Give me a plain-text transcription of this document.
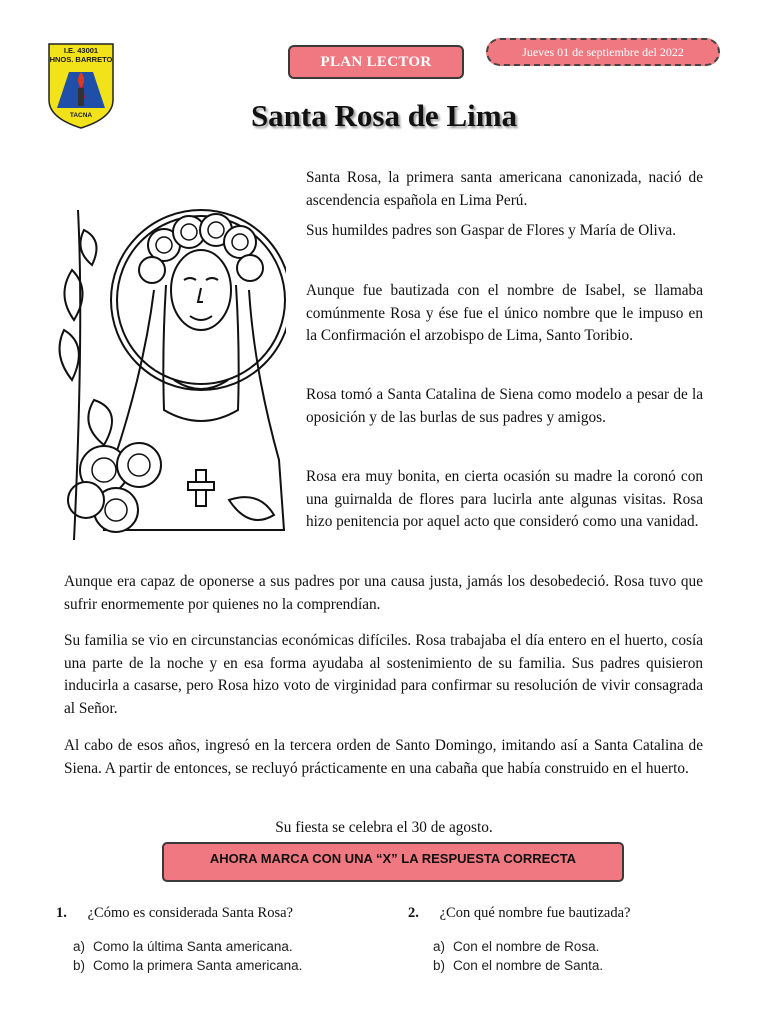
I.E. 43001
HNOS. BARRETO
TACNA
PLAN LECTOR
Jueves 01 de septiembre del 2022
Santa Rosa de Lima

Santa Rosa, la primera santa americana canonizada, nació de ascendencia española en Lima Perú.

Sus humildes padres son Gaspar de Flores y María de Oliva.

Aunque fue bautizada con el nombre de Isabel, se llamaba comúnmente Rosa y ése fue el único nombre que le impuso en la Confirmación el arzobispo de Lima, Santo Toribio.

Rosa tomó a Santa Catalina de Siena como modelo a pesar de la oposición y de las burlas de sus padres y amigos.

Rosa era muy bonita, en cierta ocasión su madre la coronó con una guirnalda de flores para lucirla ante algunas visitas. Rosa hizo penitencia por aquel acto que consideró como una vanidad.

Aunque era capaz de oponerse a sus padres por una causa justa, jamás los desobedeció. Rosa tuvo que sufrir enormemente por quienes no la comprendían.

Su familia se vio en circunstancias económicas difíciles. Rosa trabajaba el día entero en el huerto, cosía una parte de la noche y en esa forma ayudaba al sostenimiento de su familia. Sus padres quisieron inducirla a casarse, pero Rosa hizo voto de virginidad para confirmar su resolución de vivir consagrada al Señor.

Al cabo de esos años, ingresó en la tercera orden de Santo Domingo, imitando así a Santa Catalina de Siena. A partir de entonces, se recluyó prácticamente en una cabaña que había construido en el huerto.

Su fiesta se celebra el 30 de agosto.
AHORA MARCA CON UNA “X” LA RESPUESTA CORRECTA
1. ¿Cómo es considerada Santa Rosa?
a) Como la última Santa americana.
b) Como la primera Santa americana.
2. ¿Con qué nombre fue bautizada?
a) Con el nombre de Rosa.
b) Con el nombre de Santa.
